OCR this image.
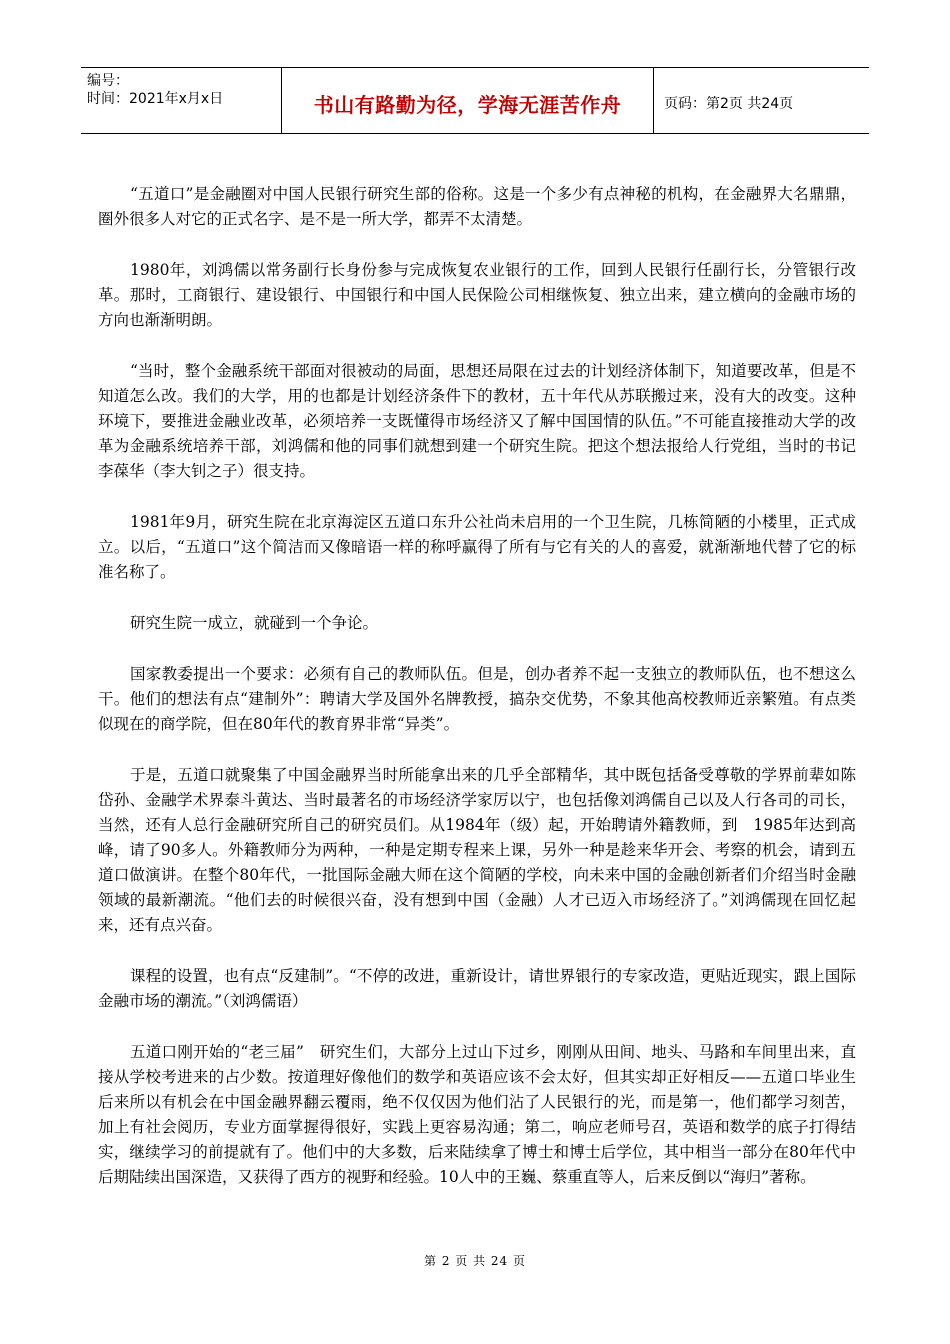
编号：
时间：2021年x月x日	书山有路勤为径，学海无涯苦作舟	页码：第2页 共24页

“五道口”是金融圈对中国人民银行研究生部的俗称。这是一个多少有点神秘的机构，在金融界大名鼎鼎，圈外很多人对它的正式名字、是不是一所大学，都弄不太清楚。

1980年，刘鸿儒以常务副行长身份参与完成恢复农业银行的工作，回到人民银行任副行长，分管银行改革。那时，工商银行、建设银行、中国银行和中国人民保险公司相继恢复、独立出来，建立横向的金融市场的方向也渐渐明朗。

“当时，整个金融系统干部面对很被动的局面，思想还局限在过去的计划经济体制下，知道要改革，但是不知道怎么改。我们的大学，用的也都是计划经济条件下的教材，五十年代从苏联搬过来，没有大的改变。这种环境下，要推进金融业改革，必须培养一支既懂得市场经济又了解中国国情的队伍。”不可能直接推动大学的改革为金融系统培养干部，刘鸿儒和他的同事们就想到建一个研究生院。把这个想法报给人行党组，当时的书记李葆华（李大钊之子）很支持。

1981年9月，研究生院在北京海淀区五道口东升公社尚未启用的一个卫生院，几栋简陋的小楼里，正式成立。以后，“五道口”这个简洁而又像暗语一样的称呼赢得了所有与它有关的人的喜爱，就渐渐地代替了它的标准名称了。

研究生院一成立，就碰到一个争论。

国家教委提出一个要求：必须有自己的教师队伍。但是，创办者养不起一支独立的教师队伍，也不想这么干。他们的想法有点“建制外”：聘请大学及国外名牌教授，搞杂交优势，不象其他高校教师近亲繁殖。有点类似现在的商学院，但在80年代的教育界非常“异类”。

于是，五道口就聚集了中国金融界当时所能拿出来的几乎全部精华，其中既包括备受尊敬的学界前辈如陈岱孙、金融学术界泰斗黄达、当时最著名的市场经济学家厉以宁，也包括像刘鸿儒自己以及人行各司的司长，当然，还有人总行金融研究所自己的研究员们。从1984年（级）起，开始聘请外籍教师，到　1985年达到高峰，请了90多人。外籍教师分为两种，一种是定期专程来上课，另外一种是趁来华开会、考察的机会，请到五道口做演讲。在整个80年代，一批国际金融大师在这个简陋的学校，向未来中国的金融创新者们介绍当时金融领域的最新潮流。“他们去的时候很兴奋，没有想到中国（金融）人才已迈入市场经济了。”刘鸿儒现在回忆起来，还有点兴奋。

课程的设置，也有点“反建制”。“不停的改进，重新设计，请世界银行的专家改造，更贴近现实，跟上国际金融市场的潮流。”（刘鸿儒语）

五道口刚开始的“老三届”　研究生们，大部分上过山下过乡，刚刚从田间、地头、马路和车间里出来，直接从学校考进来的占少数。按道理好像他们的数学和英语应该不会太好，但其实却正好相反——五道口毕业生后来所以有机会在中国金融界翻云覆雨，绝不仅仅因为他们沾了人民银行的光，而是第一，他们都学习刻苦，加上有社会阅历，专业方面掌握得很好，实践上更容易沟通；第二，响应老师号召，英语和数学的底子打得结实，继续学习的前提就有了。他们中的大多数，后来陆续拿了博士和博士后学位，其中相当一部分在80年代中后期陆续出国深造，又获得了西方的视野和经验。10人中的王巍、蔡重直等人，后来反倒以“海归”著称。

第 2 页 共 24 页
